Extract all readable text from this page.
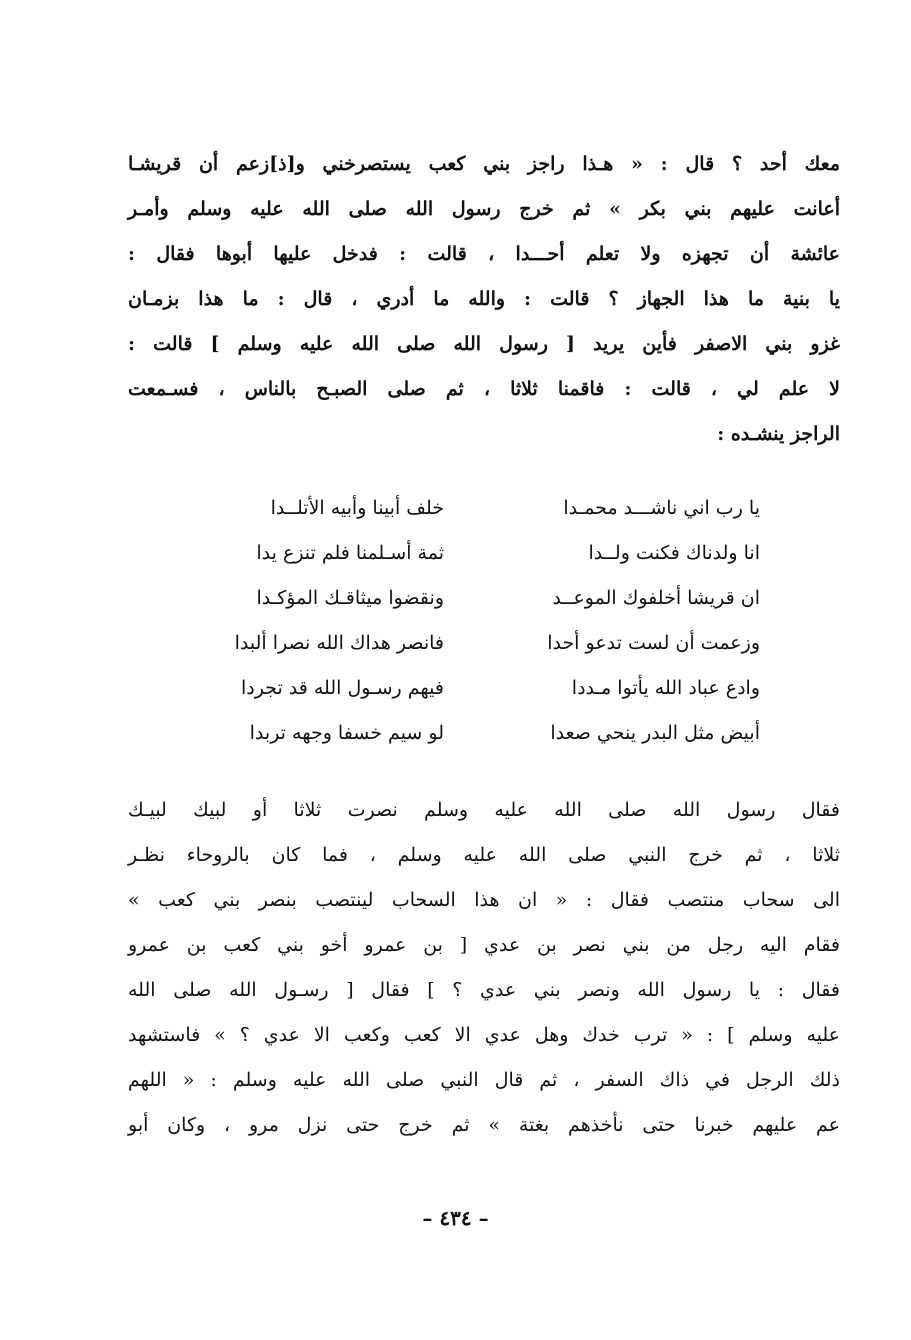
معك أحد ؟ قال : « هـذا راجز بني كعب يستصرخني و[ذ]زعم أن قريشـا
أعانت عليهم بني بكر » ثم خرج رسول الله صلى الله عليه وسلم وأمـر
عائشة أن تجهزه ولا تعلم أحـــدا ، قالت : فدخل عليها أبوها فقال :
يا بنية ما هذا الجهاز ؟ قالت : والله ما أدري ، قال : ما هذا بزمـان
غزو بني الاصفر فأين يريد [ رسول الله صلى الله عليه وسلم ] قالت :
لا علم لي ، قالت : فاقمنا ثلاثا ، ثم صلى الصبـح بالناس ، فسـمعت
الراجز ينشـده :
يا رب اني ناشـــد محمـدا
خلف أبينا وأبيه الأتلــدا
انا ولدناك فكنت ولــدا
ثمة أسـلمنا فلم تنزع يدا
ان قريشا أخلفوك الموعــد
ونقضوا ميثاقـك المؤكـدا
وزعمت أن لست تدعو أحدا
فانصر هداك الله نصرا ألبدا
وادع عباد الله يأتوا مـددا
فيهم رسـول الله قد تجردا
أبيض مثل البدر ينحي صعدا
لو سيم خسفا وجهه تربدا
فقال رسول الله صلى الله عليه وسلم نصرت ثلاثا أو لبيك لبيـك
ثلاثا ، ثم خرج النبي صلى الله عليه وسلم ، فما كان بالروحاء نظـر
الى سحاب منتصب فقال : « ان هذا السحاب لينتصب بنصر بني كعب »
فقام اليه رجل من بني نصر بن عدي [ بن عمرو أخو بني كعب بن عمرو
فقال : يا رسول الله ونصر بني عدي ؟ ] فقال [ رسـول الله صلى الله
عليه وسلم ] : « ترب خدك وهل عدي الا كعب وكعب الا عدي ؟ » فاستشهد
ذلك الرجل في ذاك السفر ، ثم قال النبي صلى الله عليه وسلم : « اللهم
عم عليهم خبرنا حتى نأخذهم بغتة » ثم خرج حتى نزل مرو ، وكان أبو
– ٤٣٤ –
